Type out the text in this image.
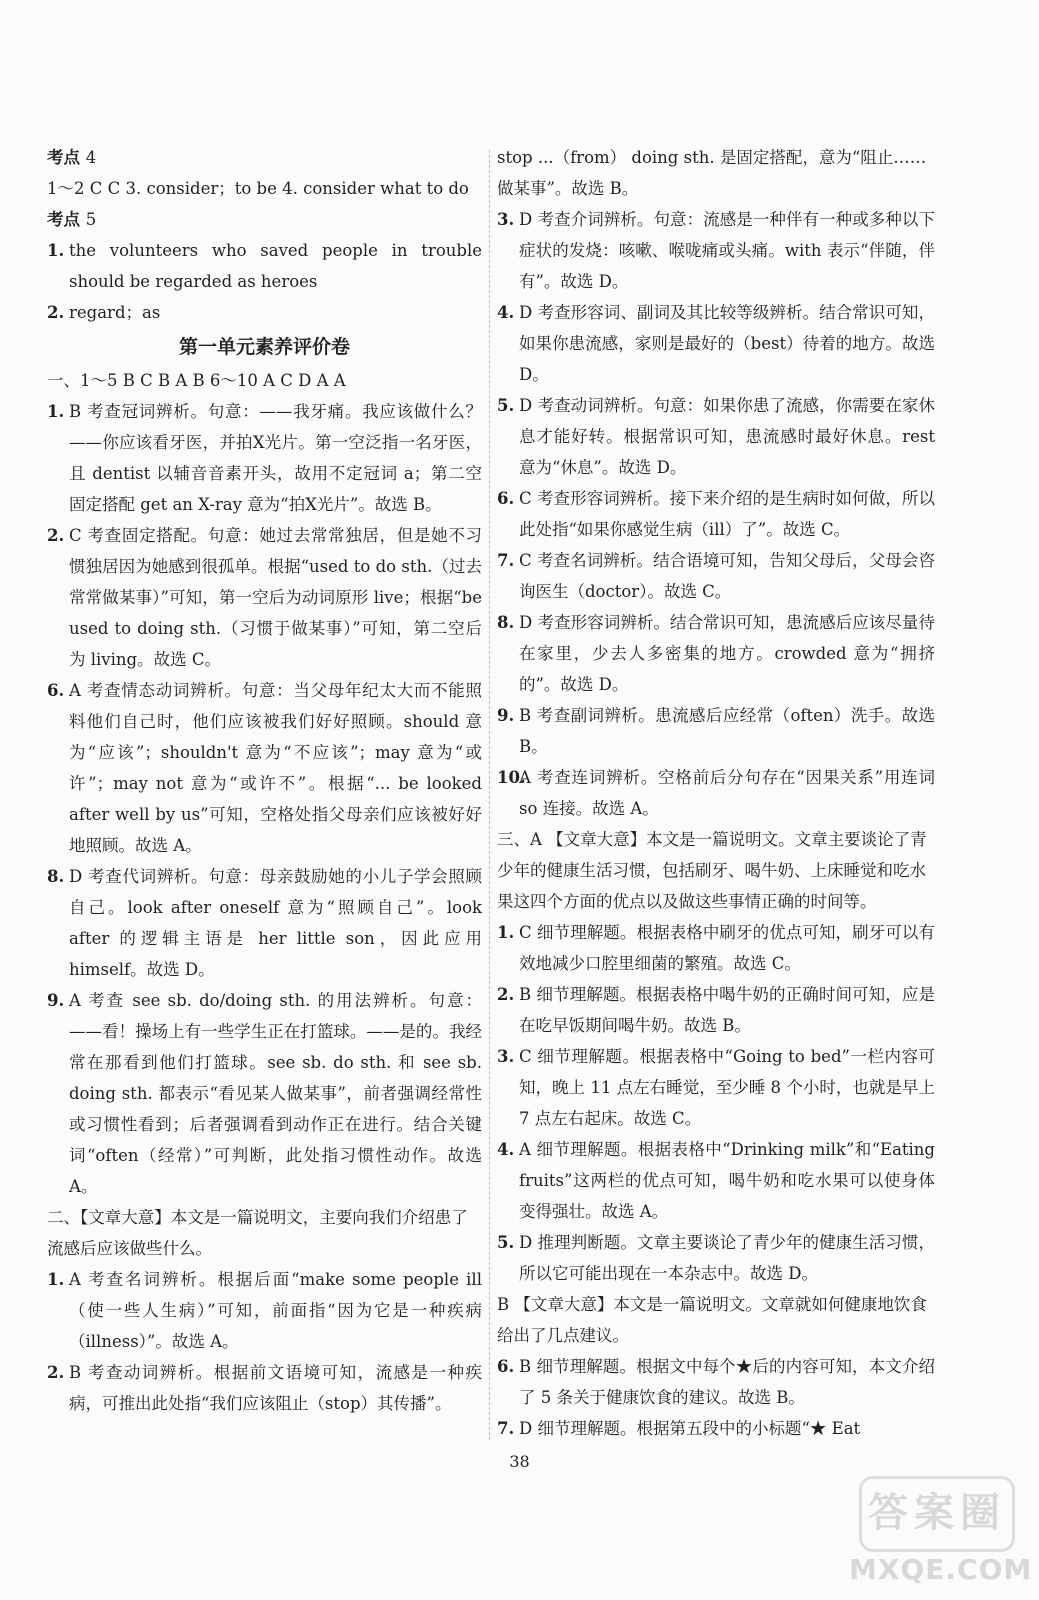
考点 4
1～2 C C 3. consider；to be 4. consider what to do
考点 5
1. the volunteers who saved people in trouble should be regarded as heroes
2. regard；as
第一单元素养评价卷
一、1～5 B C B A B 6～10 A C D A A
1. B 考查冠词辨析。句意：——我牙痛。我应该做什么？——你应该看牙医，并拍X光片。第一空泛指一名牙医，且 dentist 以辅音音素开头，故用不定冠词 a；第二空固定搭配 get an X-ray 意为“拍X光片”。故选 B。
2. C 考查固定搭配。句意：她过去常常独居，但是她不习惯独居因为她感到很孤单。根据“used to do sth.（过去常常做某事）”可知，第一空后为动词原形 live；根据“be used to doing sth.（习惯于做某事）”可知，第二空后为 living。故选 C。
6. A 考查情态动词辨析。句意：当父母年纪太大而不能照料他们自己时，他们应该被我们好好照顾。should 意为“应该”；shouldn't 意为“不应该”；may 意为“或许”；may not 意为“或许不”。根据“... be looked after well by us”可知，空格处指父母亲们应该被好好地照顾。故选 A。
8. D 考查代词辨析。句意：母亲鼓励她的小儿子学会照顾自己。look after oneself 意为“照顾自己”。look after 的逻辑主语是 her little son，因此应用 himself。故选 D。
9. A 考查 see sb. do/doing sth. 的用法辨析。句意：——看！操场上有一些学生正在打篮球。——是的。我经常在那看到他们打篮球。see sb. do sth. 和 see sb. doing sth. 都表示“看见某人做某事”，前者强调经常性或习惯性看到；后者强调看到动作正在进行。结合关键词“often（经常）”可判断，此处指习惯性动作。故选 A。
二、【文章大意】本文是一篇说明文，主要向我们介绍患了流感后应该做些什么。
1. A 考查名词辨析。根据后面“make some people ill（使一些人生病）”可知，前面指“因为它是一种疾病（illness）”。故选 A。
2. B 考查动词辨析。根据前文语境可知，流感是一种疾病，可推出此处指“我们应该阻止（stop）其传播”。
stop ...（from） doing sth. 是固定搭配，意为“阻止……做某事”。故选 B。
3. D 考查介词辨析。句意：流感是一种伴有一种或多种以下症状的发烧：咳嗽、喉咙痛或头痛。with 表示“伴随，伴有”。故选 D。
4. D 考查形容词、副词及其比较等级辨析。结合常识可知，如果你患流感，家则是最好的（best）待着的地方。故选 D。
5. D 考查动词辨析。句意：如果你患了流感，你需要在家休息才能好转。根据常识可知，患流感时最好休息。rest 意为“休息”。故选 D。
6. C 考查形容词辨析。接下来介绍的是生病时如何做，所以此处指“如果你感觉生病（ill）了”。故选 C。
7. C 考查名词辨析。结合语境可知，告知父母后，父母会咨询医生（doctor）。故选 C。
8. D 考查形容词辨析。结合常识可知，患流感后应该尽量待在家里，少去人多密集的地方。crowded 意为“拥挤的”。故选 D。
9. B 考查副词辨析。患流感后应经常（often）洗手。故选 B。
10.
A 考查连词辨析。空格前后分句存在“因果关系”用连词 so 连接。故选 A。
三、A 【文章大意】本文是一篇说明文。文章主要谈论了青少年的健康生活习惯，包括刷牙、喝牛奶、上床睡觉和吃水果这四个方面的优点以及做这些事情正确的时间等。
1. C 细节理解题。根据表格中刷牙的优点可知，刷牙可以有效地减少口腔里细菌的繁殖。故选 C。
2. B 细节理解题。根据表格中喝牛奶的正确时间可知，应是在吃早饭期间喝牛奶。故选 B。
3. C 细节理解题。根据表格中“Going to bed”一栏内容可知，晚上 11 点左右睡觉，至少睡 8 个小时，也就是早上 7 点左右起床。故选 C。
4. A 细节理解题。根据表格中“Drinking milk”和“Eating fruits”这两栏的优点可知，喝牛奶和吃水果可以使身体变得强壮。故选 A。
5. D 推理判断题。文章主要谈论了青少年的健康生活习惯，所以它可能出现在一本杂志中。故选 D。
B 【文章大意】本文是一篇说明文。文章就如何健康地饮食给出了几点建议。
6. B 细节理解题。根据文中每个★后的内容可知，本文介绍了 5 条关于健康饮食的建议。故选 B。
7. D 细节理解题。根据第五段中的小标题“★ Eat
38
答案圈
MXQE.COM
